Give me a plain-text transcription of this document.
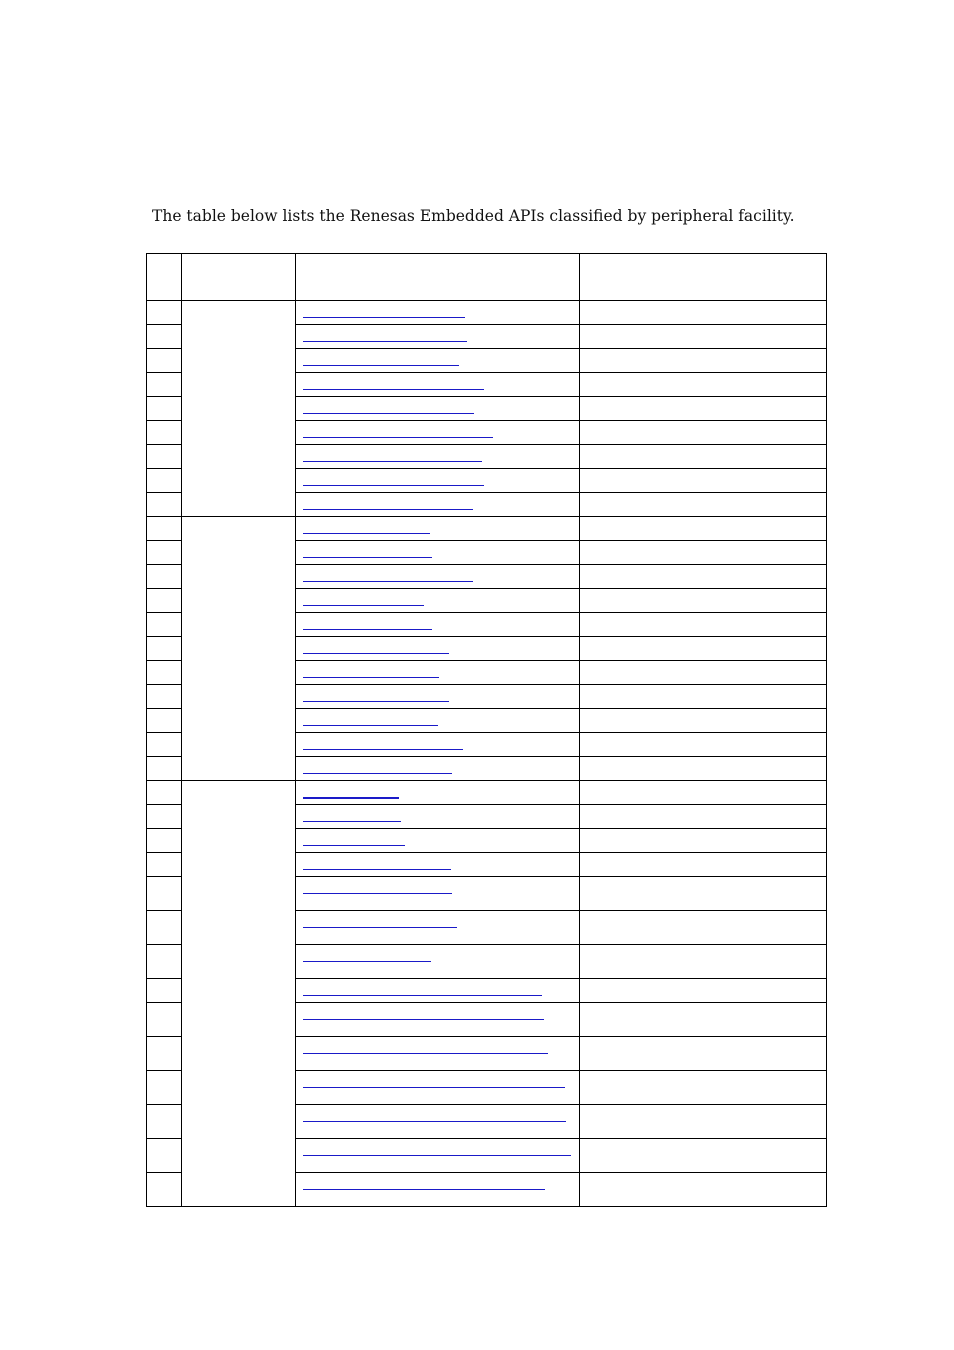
The table below lists the Renesas Embedded APIs classified by peripheral facility.
